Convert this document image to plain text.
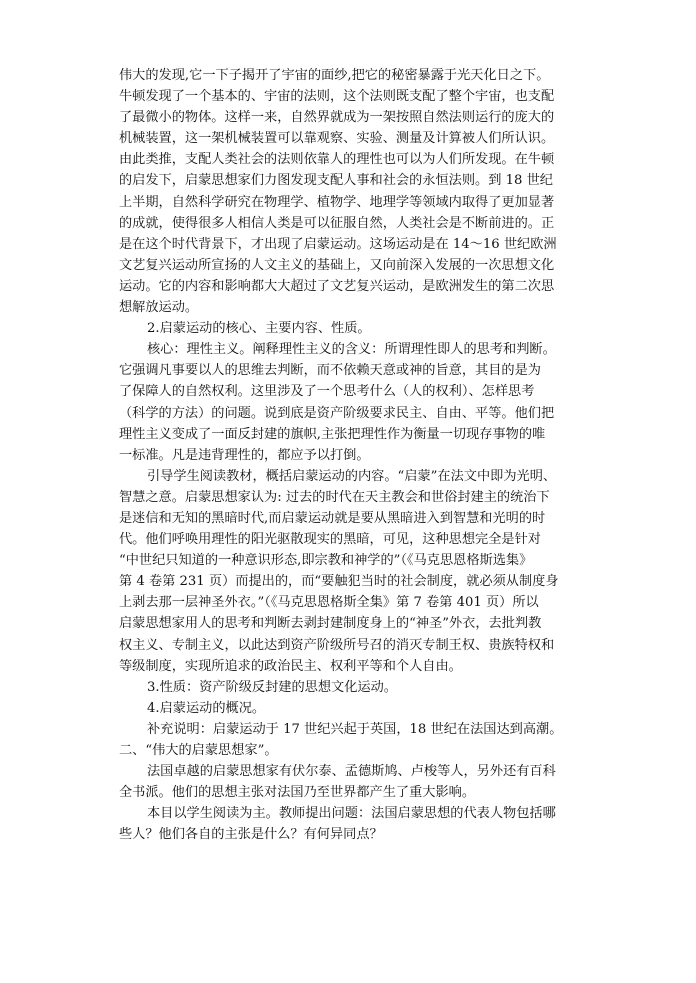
伟大的发现,它一下子揭开了宇宙的面纱,把它的秘密暴露于光天化日之下。
牛顿发现了一个基本的、宇宙的法则，这个法则既支配了整个宇宙，也支配
了最微小的物体。这样一来，自然界就成为一架按照自然法则运行的庞大的
机械装置，这一架机械装置可以靠观察、实验、测量及计算被人们所认识。
由此类推，支配人类社会的法则依靠人的理性也可以为人们所发现。在牛顿
的启发下，启蒙思想家们力图发现支配人事和社会的永恒法则。到 18 世纪
上半期，自然科学研究在物理学、植物学、地理学等领域内取得了更加显著
的成就，使得很多人相信人类是可以征服自然，人类社会是不断前进的。正
是在这个时代背景下，才出现了启蒙运动。这场运动是在 14～16 世纪欧洲
文艺复兴运动所宣扬的人文主义的基础上，又向前深入发展的一次思想文化
运动。它的内容和影响都大大超过了文艺复兴运动，是欧洲发生的第二次思
想解放运动。
2.启蒙运动的核心、主要内容、性质。
核心：理性主义。阐释理性主义的含义：所谓理性即人的思考和判断。
它强调凡事要以人的思维去判断，而不依赖天意或神的旨意，其目的是为
了保障人的自然权利。这里涉及了一个思考什么（人的权利）、怎样思考
（科学的方法）的问题。说到底是资产阶级要求民主、自由、平等。他们把
理性主义变成了一面反封建的旗帜,主张把理性作为衡量一切现存事物的唯
一标准。凡是违背理性的，都应予以打倒。
引导学生阅读教材，概括启蒙运动的内容。“启蒙”在法文中即为光明、
智慧之意。启蒙思想家认为: 过去的时代在天主教会和世俗封建主的统治下
是迷信和无知的黑暗时代,而启蒙运动就是要从黑暗进入到智慧和光明的时
代。他们呼唤用理性的阳光驱散现实的黑暗，可见，这种思想完全是针对
“中世纪只知道的一种意识形态,即宗教和神学的”（《马克思恩格斯选集》
第 4 卷第 231 页）而提出的，而“要触犯当时的社会制度，就必须从制度身
上剥去那一层神圣外衣。”（《马克思恩格斯全集》第 7 卷第 401 页）所以
启蒙思想家用人的思考和判断去剥封建制度身上的“神圣”外衣，去批判教
权主义、专制主义，以此达到资产阶级所号召的消灭专制王权、贵族特权和
等级制度，实现所追求的政治民主、权利平等和个人自由。
3.性质：资产阶级反封建的思想文化运动。
4.启蒙运动的概况。
补充说明：启蒙运动于 17 世纪兴起于英国，18 世纪在法国达到高潮。
二、“伟大的启蒙思想家”。
法国卓越的启蒙思想家有伏尔泰、孟德斯鸠、卢梭等人，另外还有百科
全书派。他们的思想主张对法国乃至世界都产生了重大影响。
本目以学生阅读为主。教师提出问题：法国启蒙思想的代表人物包括哪
些人？他们各自的主张是什么？有何异同点？
